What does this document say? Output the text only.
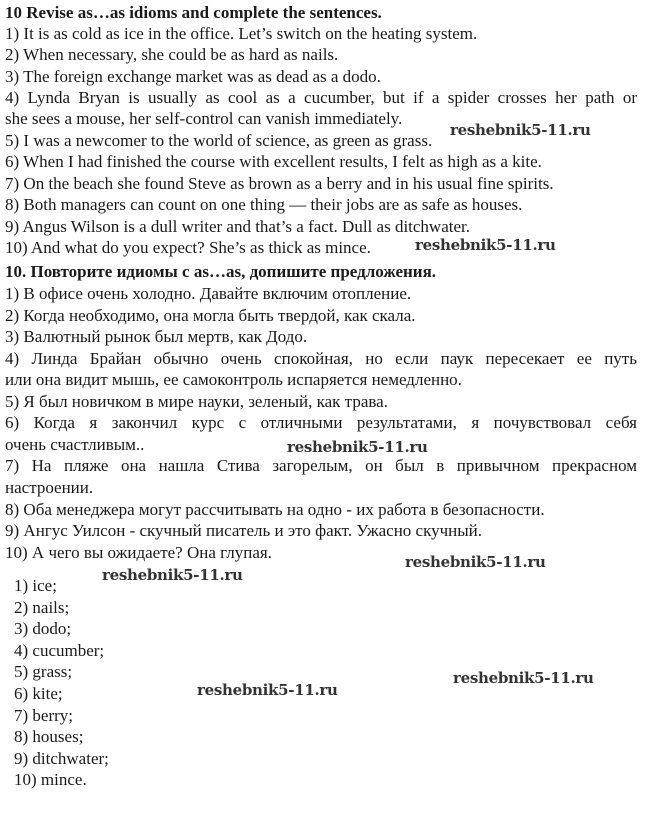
10 Revise as…as idioms and complete the sentences.
1) It is as cold as ice in the office. Let’s switch on the heating system.
2) When necessary, she could be as hard as nails.
3) The foreign exchange market was as dead as a dodo.
4) Lynda Bryan is usually as cool as a cucumber, but if a spider crosses her path or
she sees a mouse, her self-control can vanish immediately.
5) I was a newcomer to the world of science, as green as grass.
6) When I had finished the course with excellent results, I felt as high as a kite.
7) On the beach she found Steve as brown as a berry and in his usual fine spirits.
8) Both managers can count on one thing — their jobs are as safe as houses.
9) Angus Wilson is a dull writer and that’s a fact. Dull as ditchwater.
10) And what do you expect? She’s as thick as mince.
10. Повторите идиомы с as…as, допишите предложения.
1) В офисе очень холодно. Давайте включим отопление.
2) Когда необходимо, она могла быть твердой, как скала.
3) Валютный рынок был мертв, как Додо.
4) Линда Брайан обычно очень спокойная, но если паук пересекает ее путь
или она видит мышь, ее самоконтроль испаряется немедленно.
5) Я был новичком в мире науки, зеленый, как трава.
6) Когда я закончил курс с отличными результатами, я почувствовал себя
очень счастливым..
7) На пляже она нашла Стива загорелым, он был в привычном прекрасном
настроении.
8) Оба менеджера могут рассчитывать на одно - их работа в безопасности.
9) Ангус Уилсон - скучный писатель и это факт. Ужасно скучный.
10) А чего вы ожидаете? Она глупая.
1) ice;
2) nails;
3) dodo;
4) cucumber;
5) grass;
6) kite;
7) berry;
8) houses;
9) ditchwater;
10) mince.
reshebnik5-11.ru
reshebnik5-11.ru
reshebnik5-11.ru
reshebnik5-11.ru
reshebnik5-11.ru
reshebnik5-11.ru
reshebnik5-11.ru
